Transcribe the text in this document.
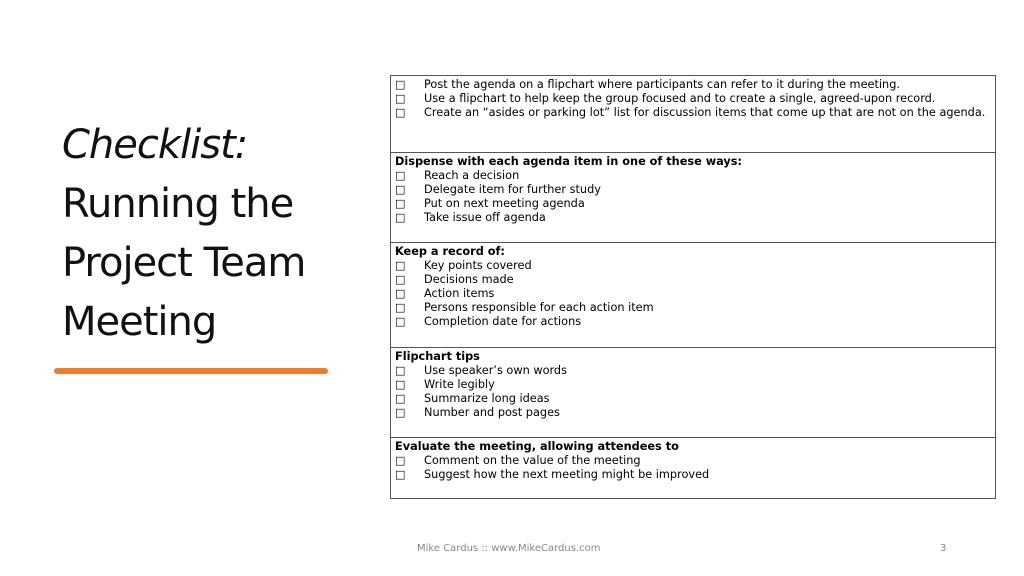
Checklist:
Running the
Project Team
Meeting
□	Post the agenda on a flipchart where participants can refer to it during the meeting.
□	Use a flipchart to help keep the group focused and to create a single, agreed-upon record.
□	Create an “asides or parking lot” list for discussion items that come up that are not on the agenda.
Dispense with each agenda item in one of these ways:
□	Reach a decision
□	Delegate item for further study
□	Put on next meeting agenda
□	Take issue off agenda
Keep a record of:
□	Key points covered
□	Decisions made
□	Action items
□	Persons responsible for each action item
□	Completion date for actions
Flipchart tips
□	Use speaker’s own words
□	Write legibly
□	Summarize long ideas
□	Number and post pages
Evaluate the meeting, allowing attendees to
□	Comment on the value of the meeting
□	Suggest how the next meeting might be improved
Mike Cardus :: www.MikeCardus.com	3
